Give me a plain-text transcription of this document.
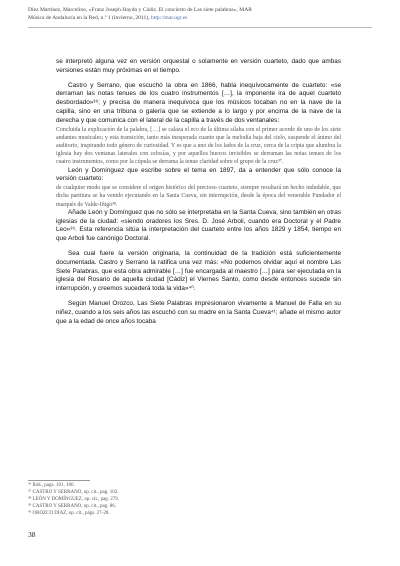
Díez Martínez, Marcelino, «Franz Joseph Haydn y Cádiz. El concierto de Las siete palabras», MAR
Música de Andalucía en la Red, n.º 1 (invierno, 2011), http://mar.ugr.es

se interpretó alguna vez en versión orquestal o solamente en versión cuarteto, dado que ambas versiones están muy próximas en el tiempo.

Castro y Serrano, que escuchó la obra en 1866, habla inequívocamente de cuarteto: «se derraman las notas tenues de los cuatro instrumentos […], la imponente ira de aquel cuarteto desbordado»³⁶; y precisa de manera inequívoca que los músicos tocaban no en la nave de la capilla, sino en una tribuna o galería que se extiende a lo largo y por encima de la nave de la derecha y que comunica con el lateral de la capilla a través de dos ventanales:

Concluida la explicación de la palabra, […] se calaza el eco de la última sílaba con el primer acorde de uno de los siete andantes musicales; y esta transición, tanto más inesperada cuanto que la melodía baja del cielo, suspende el ánimo del auditorio, inspirando todo género de curiosidad. Y es que a uno de los lados de la cruz, cerca de la cripta que alumbra la iglesia hay dos ventanas laterales con celosías, y por aquellos huecos invisibles se derraman las notas tenues de los cuatro instrumentos, como por la cúpula se derrama la tenue claridad sobre el grupo de la cruz³⁷.

León y Domínguez que escribe sobre el tema en 1897, da a entender que sólo conoce la versión cuarteto:

de cualquier modo que se considere el origen histórico del precioso cuarteto, siempre resultará un hecho indudable, que dicha partitura se ha venido ejecutando en la Santa Cueva, sin interrupción, desde la época del venerable Fundador el marqués de Valde-Iñigo³⁸.

Añade León y Domínguez que no sólo se interpretaba en la Santa Cueva, sino también en otras iglesias de la ciudad: «siendo oradores los Sres. D. José Arboli, cuando era Doctoral y el Padre Leo»³⁹. Esta referencia sitúa la interpretación del cuarteto entre los años 1829 y 1854, tiempo en que Arboli fue canónigo Doctoral.

Sea cual fuere la versión originaria, la continuidad de la tradición está suficientemente documentada. Castro y Serrano la ratifica una vez más: «No podemos olvidar aquí el nombre Las Siete Palabras, que esta obra admirable […] fue encargada al maestro […] para ser ejecutada en la iglesia del Rosario de aquella ciudad [Cádiz] el Viernes Santo, como desde entonces sucede sin interrupción, y creemos sucederá toda la vida»⁴⁰.

Según Manuel Orozco, Las Siete Palabras impresionaron vivamente a Manuel de Falla en su niñez, cuando a los seis años las escuchó con su madre en la Santa Cueva⁴¹; añade el mismo autor que a la edad de once años tocaba

³⁶ Ibid., pags. 101, 106.
³⁷ CASTRO Y SERRANO, op. cit., pag. 102.
³⁸ LEÓN Y DOMÍNGUEZ, op. cit., pag. 279.
³⁹ CASTRO Y SERRANO, op. cit., pag. 86.
⁴¹ OROZCO DÍAZ, op. cit., págs. 27-28.
38
